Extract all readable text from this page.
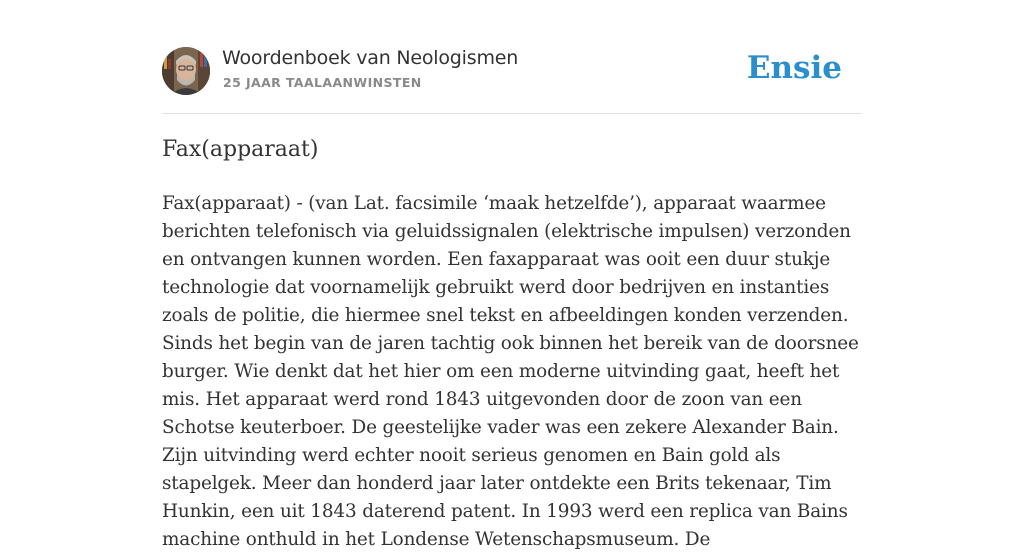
Woordenboek van Neologismen
25 JAAR TAALAANWINSTEN	Ensie
Fax(apparaat)

Fax(apparaat) - (van Lat. facsimile ‘maak hetzelfde’), apparaat waarmee berichten telefonisch via geluidssignalen (elektrische impulsen) verzonden en ontvangen kunnen worden. Een faxapparaat was ooit een duur stukje technologie dat voornamelijk gebruikt werd door bedrijven en instanties zoals de politie, die hiermee snel tekst en afbeeldingen konden verzenden. Sinds het begin van de jaren tachtig ook binnen het bereik van de doorsnee burger. Wie denkt dat het hier om een moderne uitvinding gaat, heeft het mis. Het apparaat werd rond 1843 uitgevonden door de zoon van een Schotse keuterboer. De geestelijke vader was een zekere Alexander Bain. Zijn uitvinding werd echter nooit serieus genomen en Bain gold als stapelgek. Meer dan honderd jaar later ontdekte een Brits tekenaar, Tim Hunkin, een uit 1843 daterend patent. In 1993 werd een replica van Bains machine onthuld in het Londense Wetenschapsmuseum. De
